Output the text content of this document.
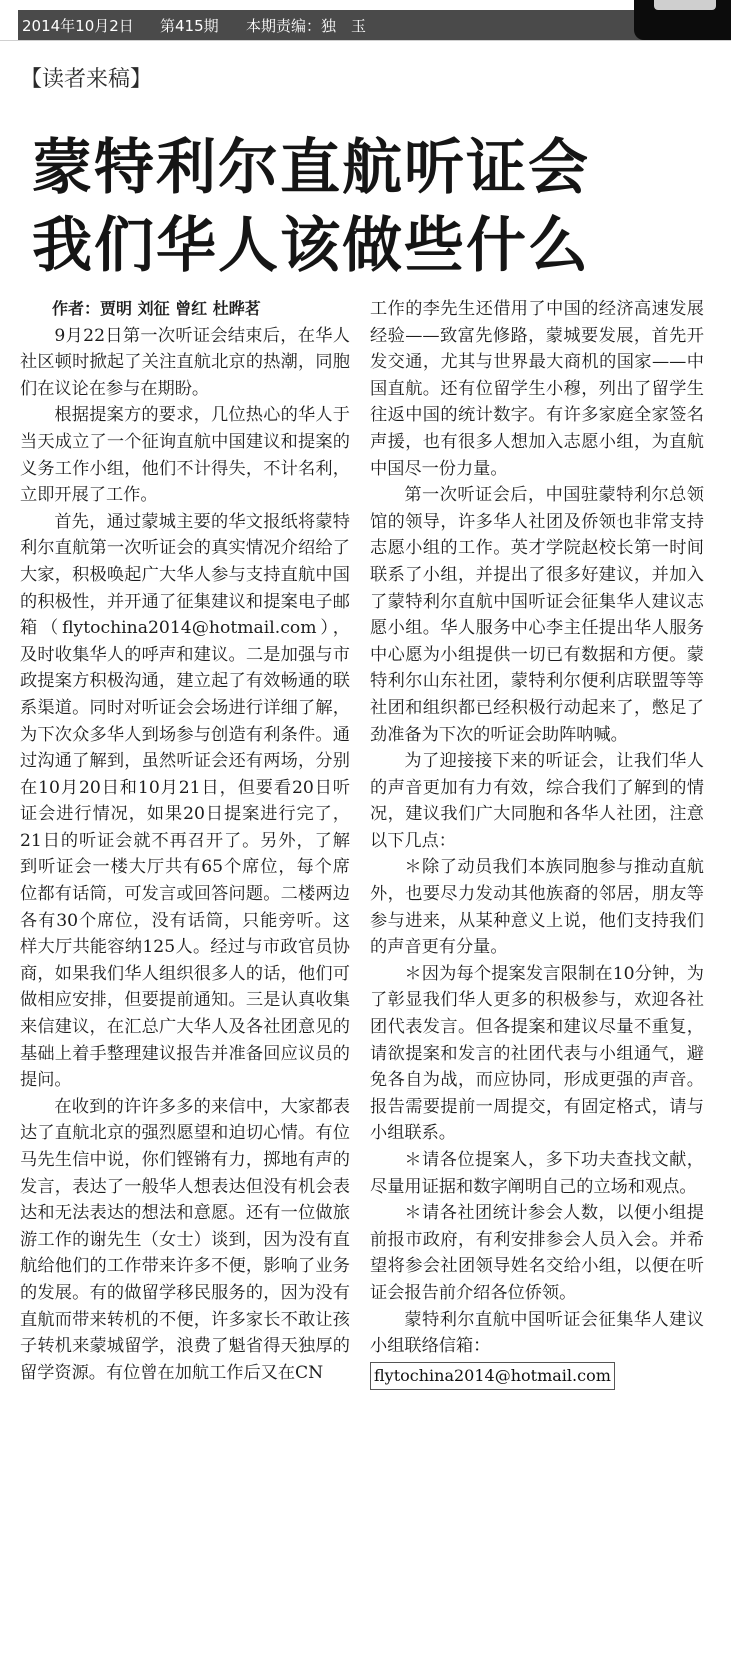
2014年10月2日 第415期 本期责编：独　玉
【读者来稿】
蒙特利尔直航听证会
我们华人该做些什么

作者：贾明 刘征 曾红 杜晔茗

9月22日第一次听证会结束后，在华人社区顿时掀起了关注直航北京的热潮，同胞们在议论在参与在期盼。

根据提案方的要求，几位热心的华人于当天成立了一个征询直航中国建议和提案的义务工作小组，他们不计得失，不计名利，立即开展了工作。

首先，通过蒙城主要的华文报纸将蒙特利尔直航第一次听证会的真实情况介绍给了大家，积极唤起广大华人参与支持直航中国的积极性，并开通了征集建议和提案电子邮箱（flytochina2014@hotmail.com），及时收集华人的呼声和建议。二是加强与市政提案方积极沟通，建立起了有效畅通的联系渠道。同时对听证会会场进行详细了解，为下次众多华人到场参与创造有利条件。通过沟通了解到，虽然听证会还有两场，分别在10月20日和10月21日，但要看20日听证会进行情况，如果20日提案进行完了，21日的听证会就不再召开了。另外，了解到听证会一楼大厅共有65个席位，每个席位都有话筒，可发言或回答问题。二楼两边各有30个席位，没有话筒，只能旁听。这样大厅共能容纳125人。经过与市政官员协商，如果我们华人组织很多人的话，他们可做相应安排，但要提前通知。三是认真收集来信建议，在汇总广大华人及各社团意见的基础上着手整理建议报告并准备回应议员的提问。

在收到的许许多多的来信中，大家都表达了直航北京的强烈愿望和迫切心情。有位马先生信中说，你们铿锵有力，掷地有声的发言，表达了一般华人想表达但没有机会表达和无法表达的想法和意愿。还有一位做旅游工作的谢先生（女士）谈到，因为没有直航给他们的工作带来许多不便，影响了业务的发展。有的做留学移民服务的，因为没有直航而带来转机的不便，许多家长不敢让孩子转机来蒙城留学，浪费了魁省得天独厚的留学资源。有位曾在加航工作后又在CN

工作的李先生还借用了中国的经济高速发展经验——致富先修路，蒙城要发展，首先开发交通，尤其与世界最大商机的国家——中国直航。还有位留学生小穆，列出了留学生往返中国的统计数字。有许多家庭全家签名声援，也有很多人想加入志愿小组，为直航中国尽一份力量。

第一次听证会后，中国驻蒙特利尔总领馆的领导，许多华人社团及侨领也非常支持志愿小组的工作。英才学院赵校长第一时间联系了小组，并提出了很多好建议，并加入了蒙特利尔直航中国听证会征集华人建议志愿小组。华人服务中心李主任提出华人服务中心愿为小组提供一切已有数据和方便。蒙特利尔山东社团，蒙特利尔便利店联盟等等社团和组织都已经积极行动起来了，憋足了劲准备为下次的听证会助阵呐喊。

为了迎接接下来的听证会，让我们华人的声音更加有力有效，综合我们了解到的情况，建议我们广大同胞和各华人社团，注意以下几点：

＊除了动员我们本族同胞参与推动直航外，也要尽力发动其他族裔的邻居，朋友等参与进来，从某种意义上说，他们支持我们的声音更有分量。

＊因为每个提案发言限制在10分钟，为了彰显我们华人更多的积极参与，欢迎各社团代表发言。但各提案和建议尽量不重复，请欲提案和发言的社团代表与小组通气，避免各自为战，而应协同，形成更强的声音。报告需要提前一周提交，有固定格式，请与小组联系。

＊请各位提案人，多下功夫查找文献，尽量用证据和数字阐明自己的立场和观点。

＊请各社团统计参会人数，以便小组提前报市政府，有利安排参会人员入会。并希望将参会社团领导姓名交给小组，以便在听证会报告前介绍各位侨领。

蒙特利尔直航中国听证会征集华人建议小组联络信箱：

flytochina2014@hotmail.com
